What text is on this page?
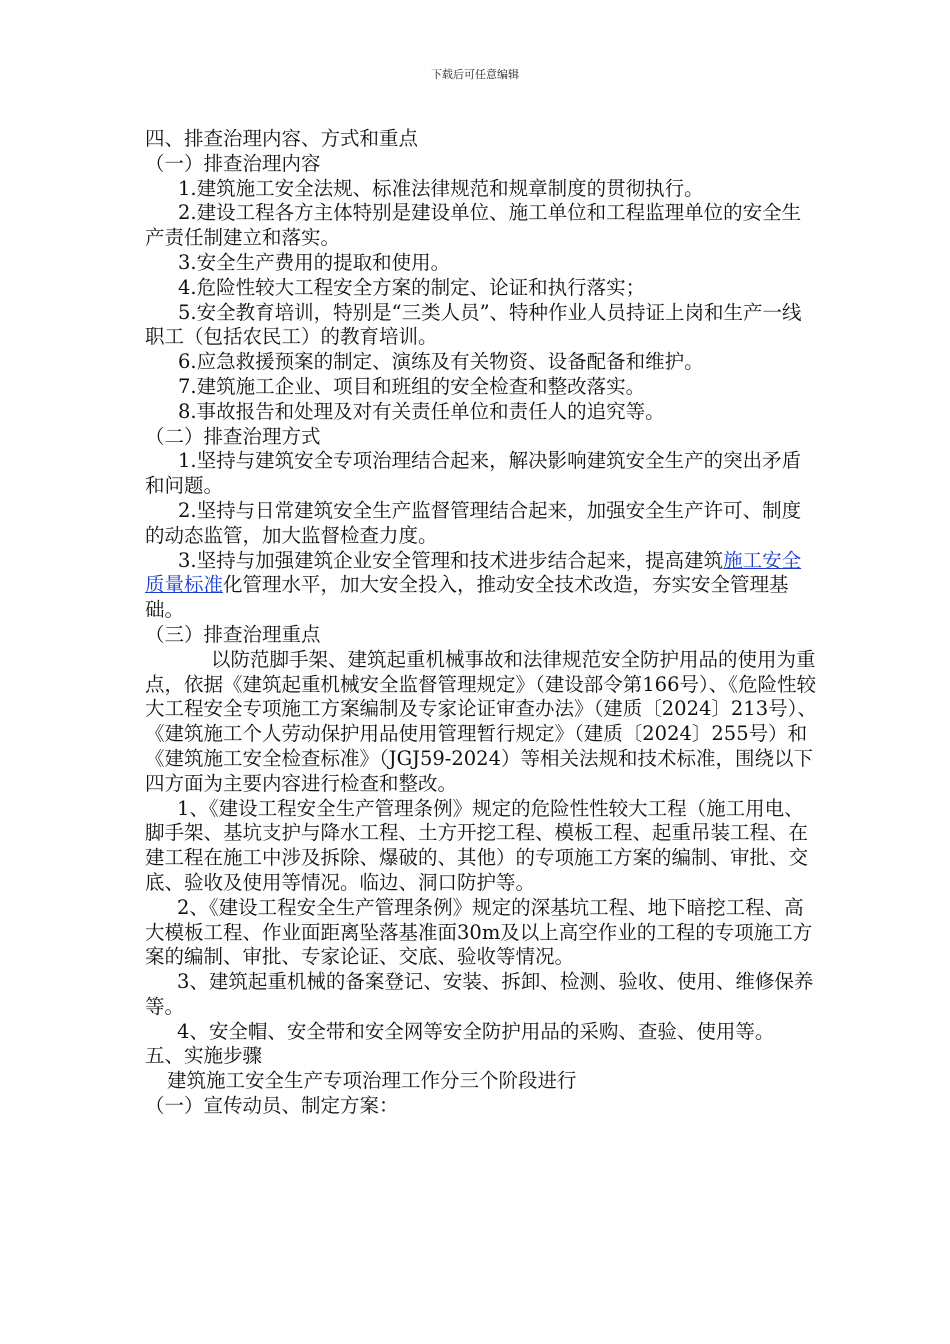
下载后可任意编辑

四、排查治理内容、方式和重点

（一）排查治理内容

1.建筑施工安全法规、标准法律规范和规章制度的贯彻执行。

2.建设工程各方主体特别是建设单位、施工单位和工程监理单位的安全生产责任制建立和落实。

3.安全生产费用的提取和使用。

4.危险性较大工程安全方案的制定、论证和执行落实；

5.安全教育培训，特别是“三类人员”、特种作业人员持证上岗和生产一线职工（包括农民工）的教育培训。

6.应急救援预案的制定、演练及有关物资、设备配备和维护。

7.建筑施工企业、项目和班组的安全检查和整改落实。

8.事故报告和处理及对有关责任单位和责任人的追究等。

（二）排查治理方式

1.坚持与建筑安全专项治理结合起来，解决影响建筑安全生产的突出矛盾和问题。

2.坚持与日常建筑安全生产监督管理结合起来，加强安全生产许可、制度的动态监管，加大监督检查力度。

3.坚持与加强建筑企业安全管理和技术进步结合起来，提高建筑施工安全质量标准化管理水平，加大安全投入，推动安全技术改造，夯实安全管理基础。

（三）排查治理重点

以防范脚手架、建筑起重机械事故和法律规范安全防护用品的使用为重点，依据《建筑起重机械安全监督管理规定》（建设部令第166号）、《危险性较大工程安全专项施工方案编制及专家论证审查办法》（建质〔2024〕213号）、《建筑施工个人劳动保护用品使用管理暂行规定》（建质〔2024〕255号）和《建筑施工安全检查标准》（JGJ59-2024）等相关法规和技术标准，围绕以下四方面为主要内容进行检查和整改。

1、《建设工程安全生产管理条例》规定的危险性性较大工程（施工用电、脚手架、基坑支护与降水工程、土方开挖工程、模板工程、起重吊装工程、在建工程在施工中涉及拆除、爆破的、其他）的专项施工方案的编制、审批、交底、验收及使用等情况。临边、洞口防护等。

2、《建设工程安全生产管理条例》规定的深基坑工程、地下暗挖工程、高大模板工程、作业面距离坠落基准面30m及以上高空作业的工程的专项施工方案的编制、审批、专家论证、交底、验收等情况。

3、建筑起重机械的备案登记、安装、拆卸、检测、验收、使用、维修保养等。

4、安全帽、安全带和安全网等安全防护用品的采购、查验、使用等。

五、实施步骤

建筑施工安全生产专项治理工作分三个阶段进行

（一）宣传动员、制定方案：
